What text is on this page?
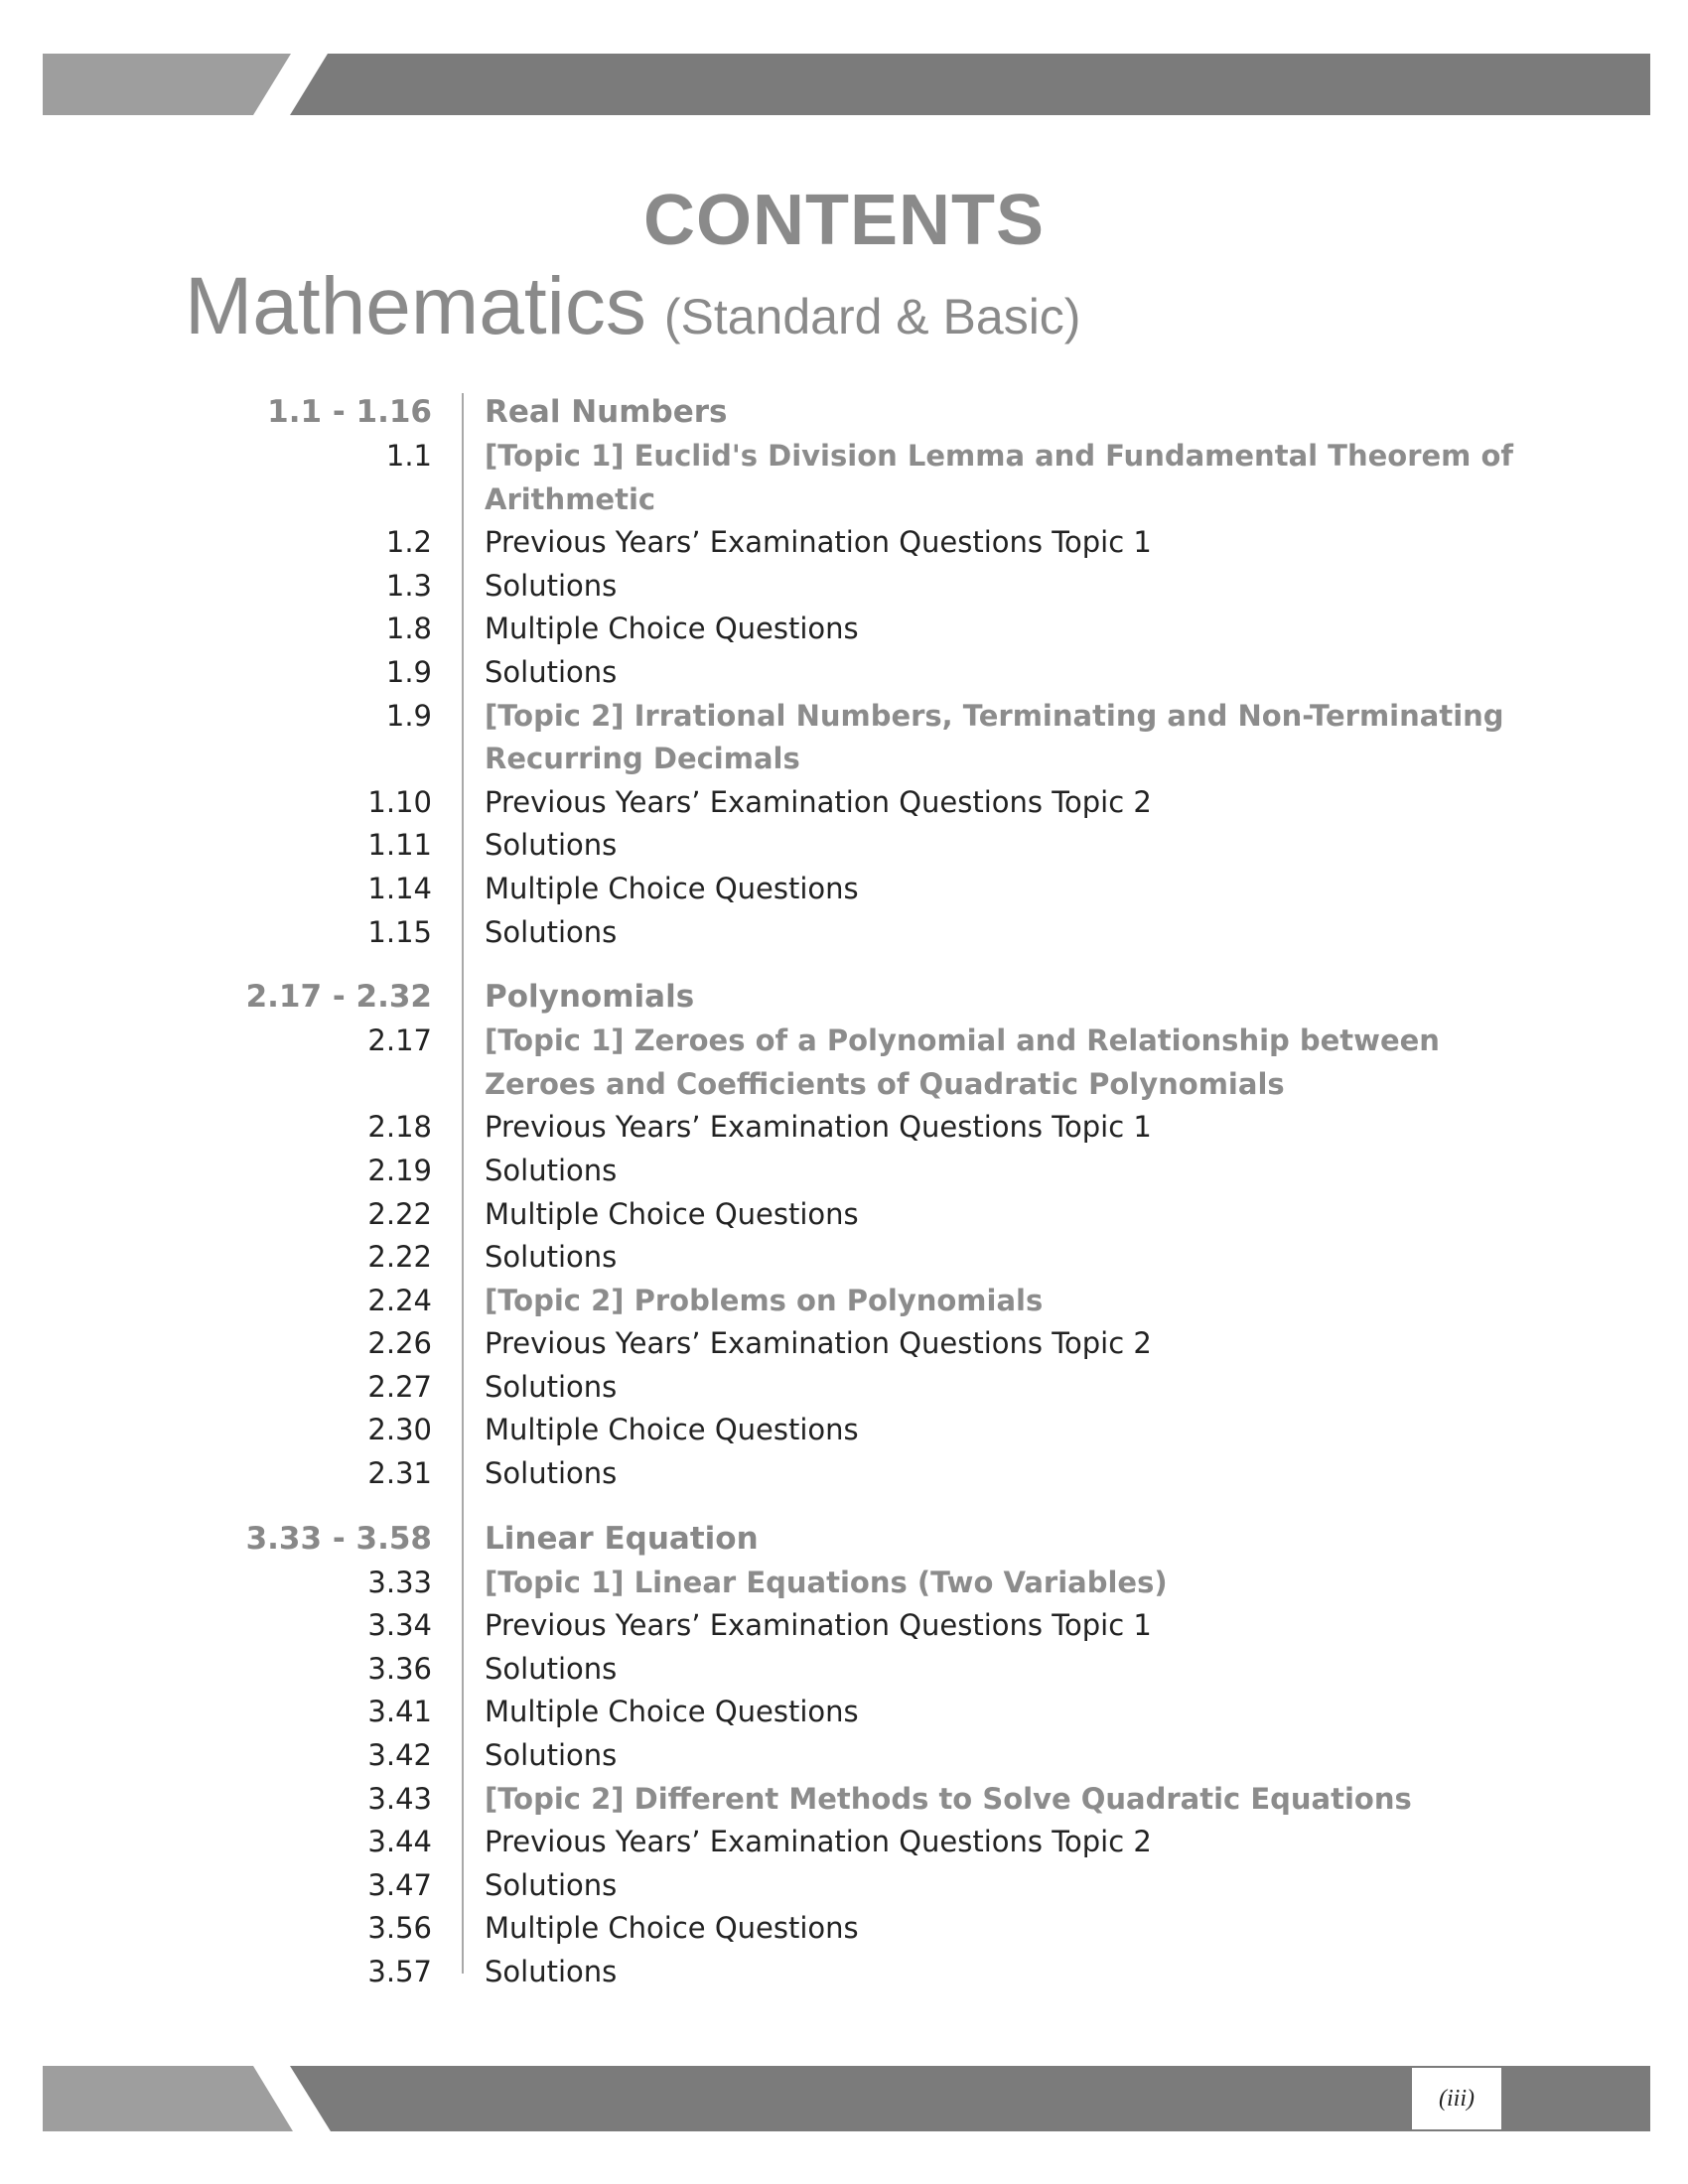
CONTENTS
Mathematics (Standard & Basic)
1.1 - 1.16 Real Numbers
1.1 [Topic 1] Euclid's Division Lemma and Fundamental Theorem of Arithmetic
1.2 Previous Years’ Examination Questions Topic 1
1.3 Solutions
1.8 Multiple Choice Questions
1.9 Solutions
1.9 [Topic 2] Irrational Numbers, Terminating and Non-Terminating Recurring Decimals
1.10 Previous Years’ Examination Questions Topic 2
1.11 Solutions
1.14 Multiple Choice Questions
1.15 Solutions
2.17 - 2.32 Polynomials
2.17 [Topic 1] Zeroes of a Polynomial and Relationship between Zeroes and Coefficients of Quadratic Polynomials
2.18 Previous Years’ Examination Questions Topic 1
2.19 Solutions
2.22 Multiple Choice Questions
2.22 Solutions
2.24 [Topic 2] Problems on Polynomials
2.26 Previous Years’ Examination Questions Topic 2
2.27 Solutions
2.30 Multiple Choice Questions
2.31 Solutions
3.33 - 3.58 Linear Equation
3.33 [Topic 1] Linear Equations (Two Variables)
3.34 Previous Years’ Examination Questions Topic 1
3.36 Solutions
3.41 Multiple Choice Questions
3.42 Solutions
3.43 [Topic 2] Different Methods to Solve Quadratic Equations
3.44 Previous Years’ Examination Questions Topic 2
3.47 Solutions
3.56 Multiple Choice Questions
3.57 Solutions
(iii)
